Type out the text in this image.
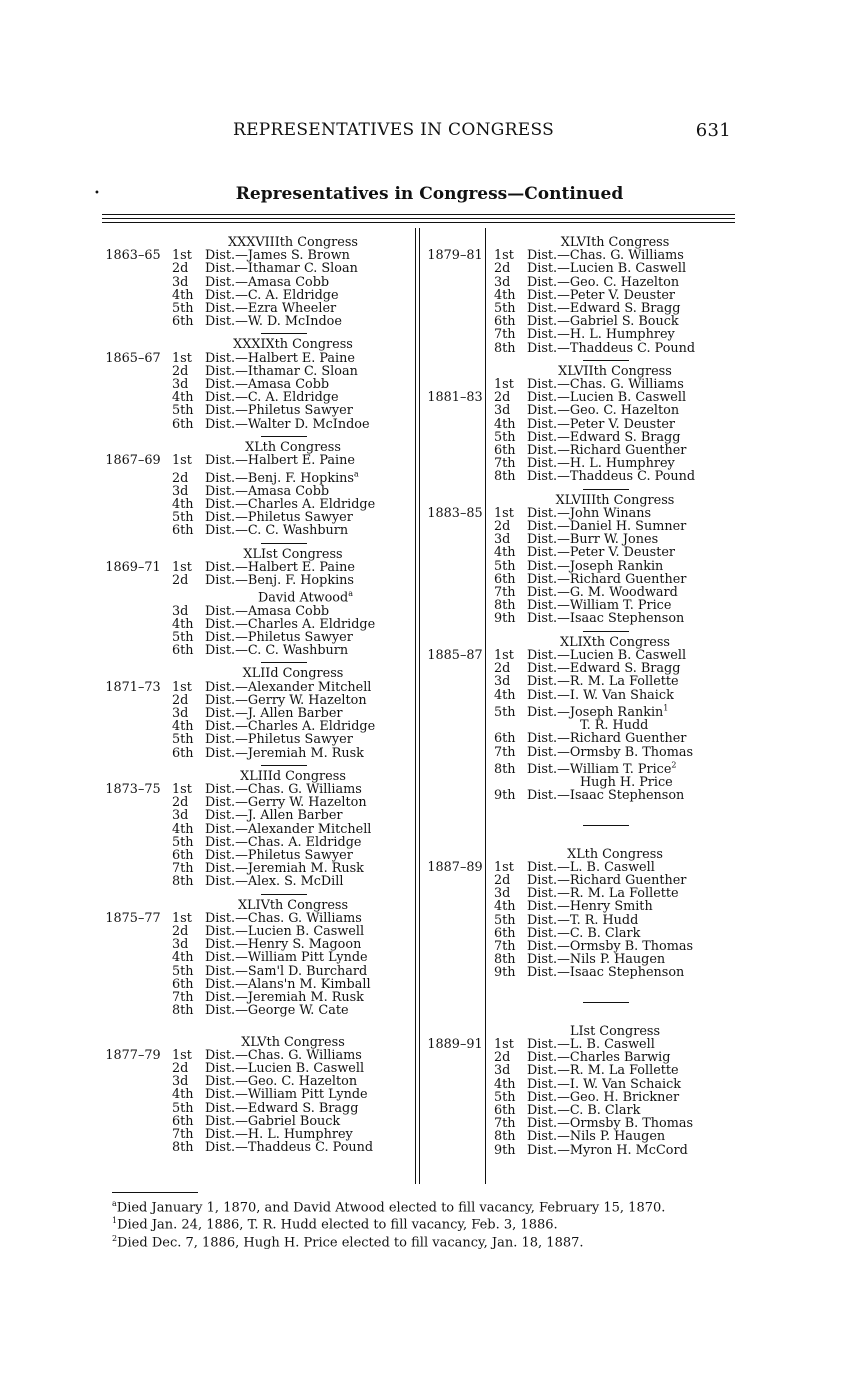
REPRESENTATIVES IN CONGRESS	631
•	Representatives in Congress—Continued
XXXVIIIth Congress
1863–65 1st Dist.—James S. Brown
2d Dist.—Ithamar C. Sloan
3d Dist.—Amasa Cobb
4th Dist.—C. A. Eldridge
5th Dist.—Ezra Wheeler
6th Dist.—W. D. McIndoe
XXXIXth Congress
1865–67 1st Dist.—Halbert E. Paine
2d Dist.—Ithamar C. Sloan
3d Dist.—Amasa Cobb
4th Dist.—C. A. Eldridge
5th Dist.—Philetus Sawyer
6th Dist.—Walter D. McIndoe
XLth Congress
1867–69 1st Dist.—Halbert E. Paine
2d Dist.—Benj. F. Hopkins$^a$
3d Dist.—Amasa Cobb
4th Dist.—Charles A. Eldridge
5th Dist.—Philetus Sawyer
6th Dist.—C. C. Washburn
XLIst Congress
1869–71 1st Dist.—Halbert E. Paine
2d Dist.—Benj. F. Hopkins
David Atwood$^a$
3d Dist.—Amasa Cobb
4th Dist.—Charles A. Eldridge
5th Dist.—Philetus Sawyer
6th Dist.—C. C. Washburn
XLIId Congress
1871–73 1st Dist.—Alexander Mitchell
2d Dist.—Gerry W. Hazelton
3d Dist.—J. Allen Barber
4th Dist.—Charles A. Eldridge
5th Dist.—Philetus Sawyer
6th Dist.—Jeremiah M. Rusk
XLIIId Congress
1873–75 1st Dist.—Chas. G. Williams
2d Dist.—Gerry W. Hazelton
3d Dist.—J. Allen Barber
4th Dist.—Alexander Mitchell
5th Dist.—Chas. A. Eldridge
6th Dist.—Philetus Sawyer
7th Dist.—Jeremiah M. Rusk
8th Dist.—Alex. S. McDill
XLIVth Congress
1875–77 1st Dist.—Chas. G. Williams
2d Dist.—Lucien B. Caswell
3d Dist.—Henry S. Magoon
4th Dist.—William Pitt Lynde
5th Dist.—Sam'l D. Burchard
6th Dist.—Alans'n M. Kimball
7th Dist.—Jeremiah M. Rusk
8th Dist.—George W. Cate
XLVth Congress
1877–79 1st Dist.—Chas. G. Williams
2d Dist.—Lucien B. Caswell
3d Dist.—Geo. C. Hazelton
4th Dist.—William Pitt Lynde
5th Dist.—Edward S. Bragg
6th Dist.—Gabriel Bouck
7th Dist.—H. L. Humphrey
8th Dist.—Thaddeus C. Pound
XLVIth Congress
1879–81 1st Dist.—Chas. G. Williams
2d Dist.—Lucien B. Caswell
3d Dist.—Geo. C. Hazelton
4th Dist.—Peter V. Deuster
5th Dist.—Edward S. Bragg
6th Dist.—Gabriel S. Bouck
7th Dist.—H. L. Humphrey
8th Dist.—Thaddeus C. Pound
XLVIIth Congress
1881–83
1st Dist.—Chas. G. Williams
2d Dist.—Lucien B. Caswell
3d Dist.—Geo. C. Hazelton
4th Dist.—Peter V. Deuster
5th Dist.—Edward S. Bragg
6th Dist.—Richard Guenther
7th Dist.—H. L. Humphrey
8th Dist.—Thaddeus C. Pound
XLVIIIth Congress
1883–85 1st Dist.—John Winans
2d Dist.—Daniel H. Sumner
3d Dist.—Burr W. Jones
4th Dist.—Peter V. Deuster
5th Dist.—Joseph Rankin
6th Dist.—Richard Guenther
7th Dist.—G. M. Woodward
8th Dist.—William T. Price
9th Dist.—Isaac Stephenson
XLIXth Congress
1885–87 1st Dist.—Lucien B. Caswell
2d Dist.—Edward S. Bragg
3d Dist.—R. M. La Follette
4th Dist.—I. W. Van Shaick
5th Dist.—Joseph Rankin$^1$
T. R. Hudd
6th Dist.—Richard Guenther
7th Dist.—Ormsby B. Thomas
8th Dist.—William T. Price$^2$
Hugh H. Price
9th Dist.—Isaac Stephenson
XLth Congress
1887–89 1st Dist.—L. B. Caswell
2d Dist.—Richard Guenther
3d Dist.—R. M. La Follette
4th Dist.—Henry Smith
5th Dist.—T. R. Hudd
6th Dist.—C. B. Clark
7th Dist.—Ormsby B. Thomas
8th Dist.—Nils P. Haugen
9th Dist.—Isaac Stephenson
LIst Congress
1889–91 1st Dist.—L. B. Caswell
2d Dist.—Charles Barwig
3d Dist.—R. M. La Follette
4th Dist.—I. W. Van Schaick
5th Dist.—Geo. H. Brickner
6th Dist.—C. B. Clark
7th Dist.—Ormsby B. Thomas
8th Dist.—Nils P. Haugen
9th Dist.—Myron H. McCord
$^a$Died January 1, 1870, and David Atwood elected to fill vacancy, February 15, 1870.
$^1$Died Jan. 24, 1886, T. R. Hudd elected to fill vacancy, Feb. 3, 1886.
$^2$Died Dec. 7, 1886, Hugh H. Price elected to fill vacancy, Jan. 18, 1887.
